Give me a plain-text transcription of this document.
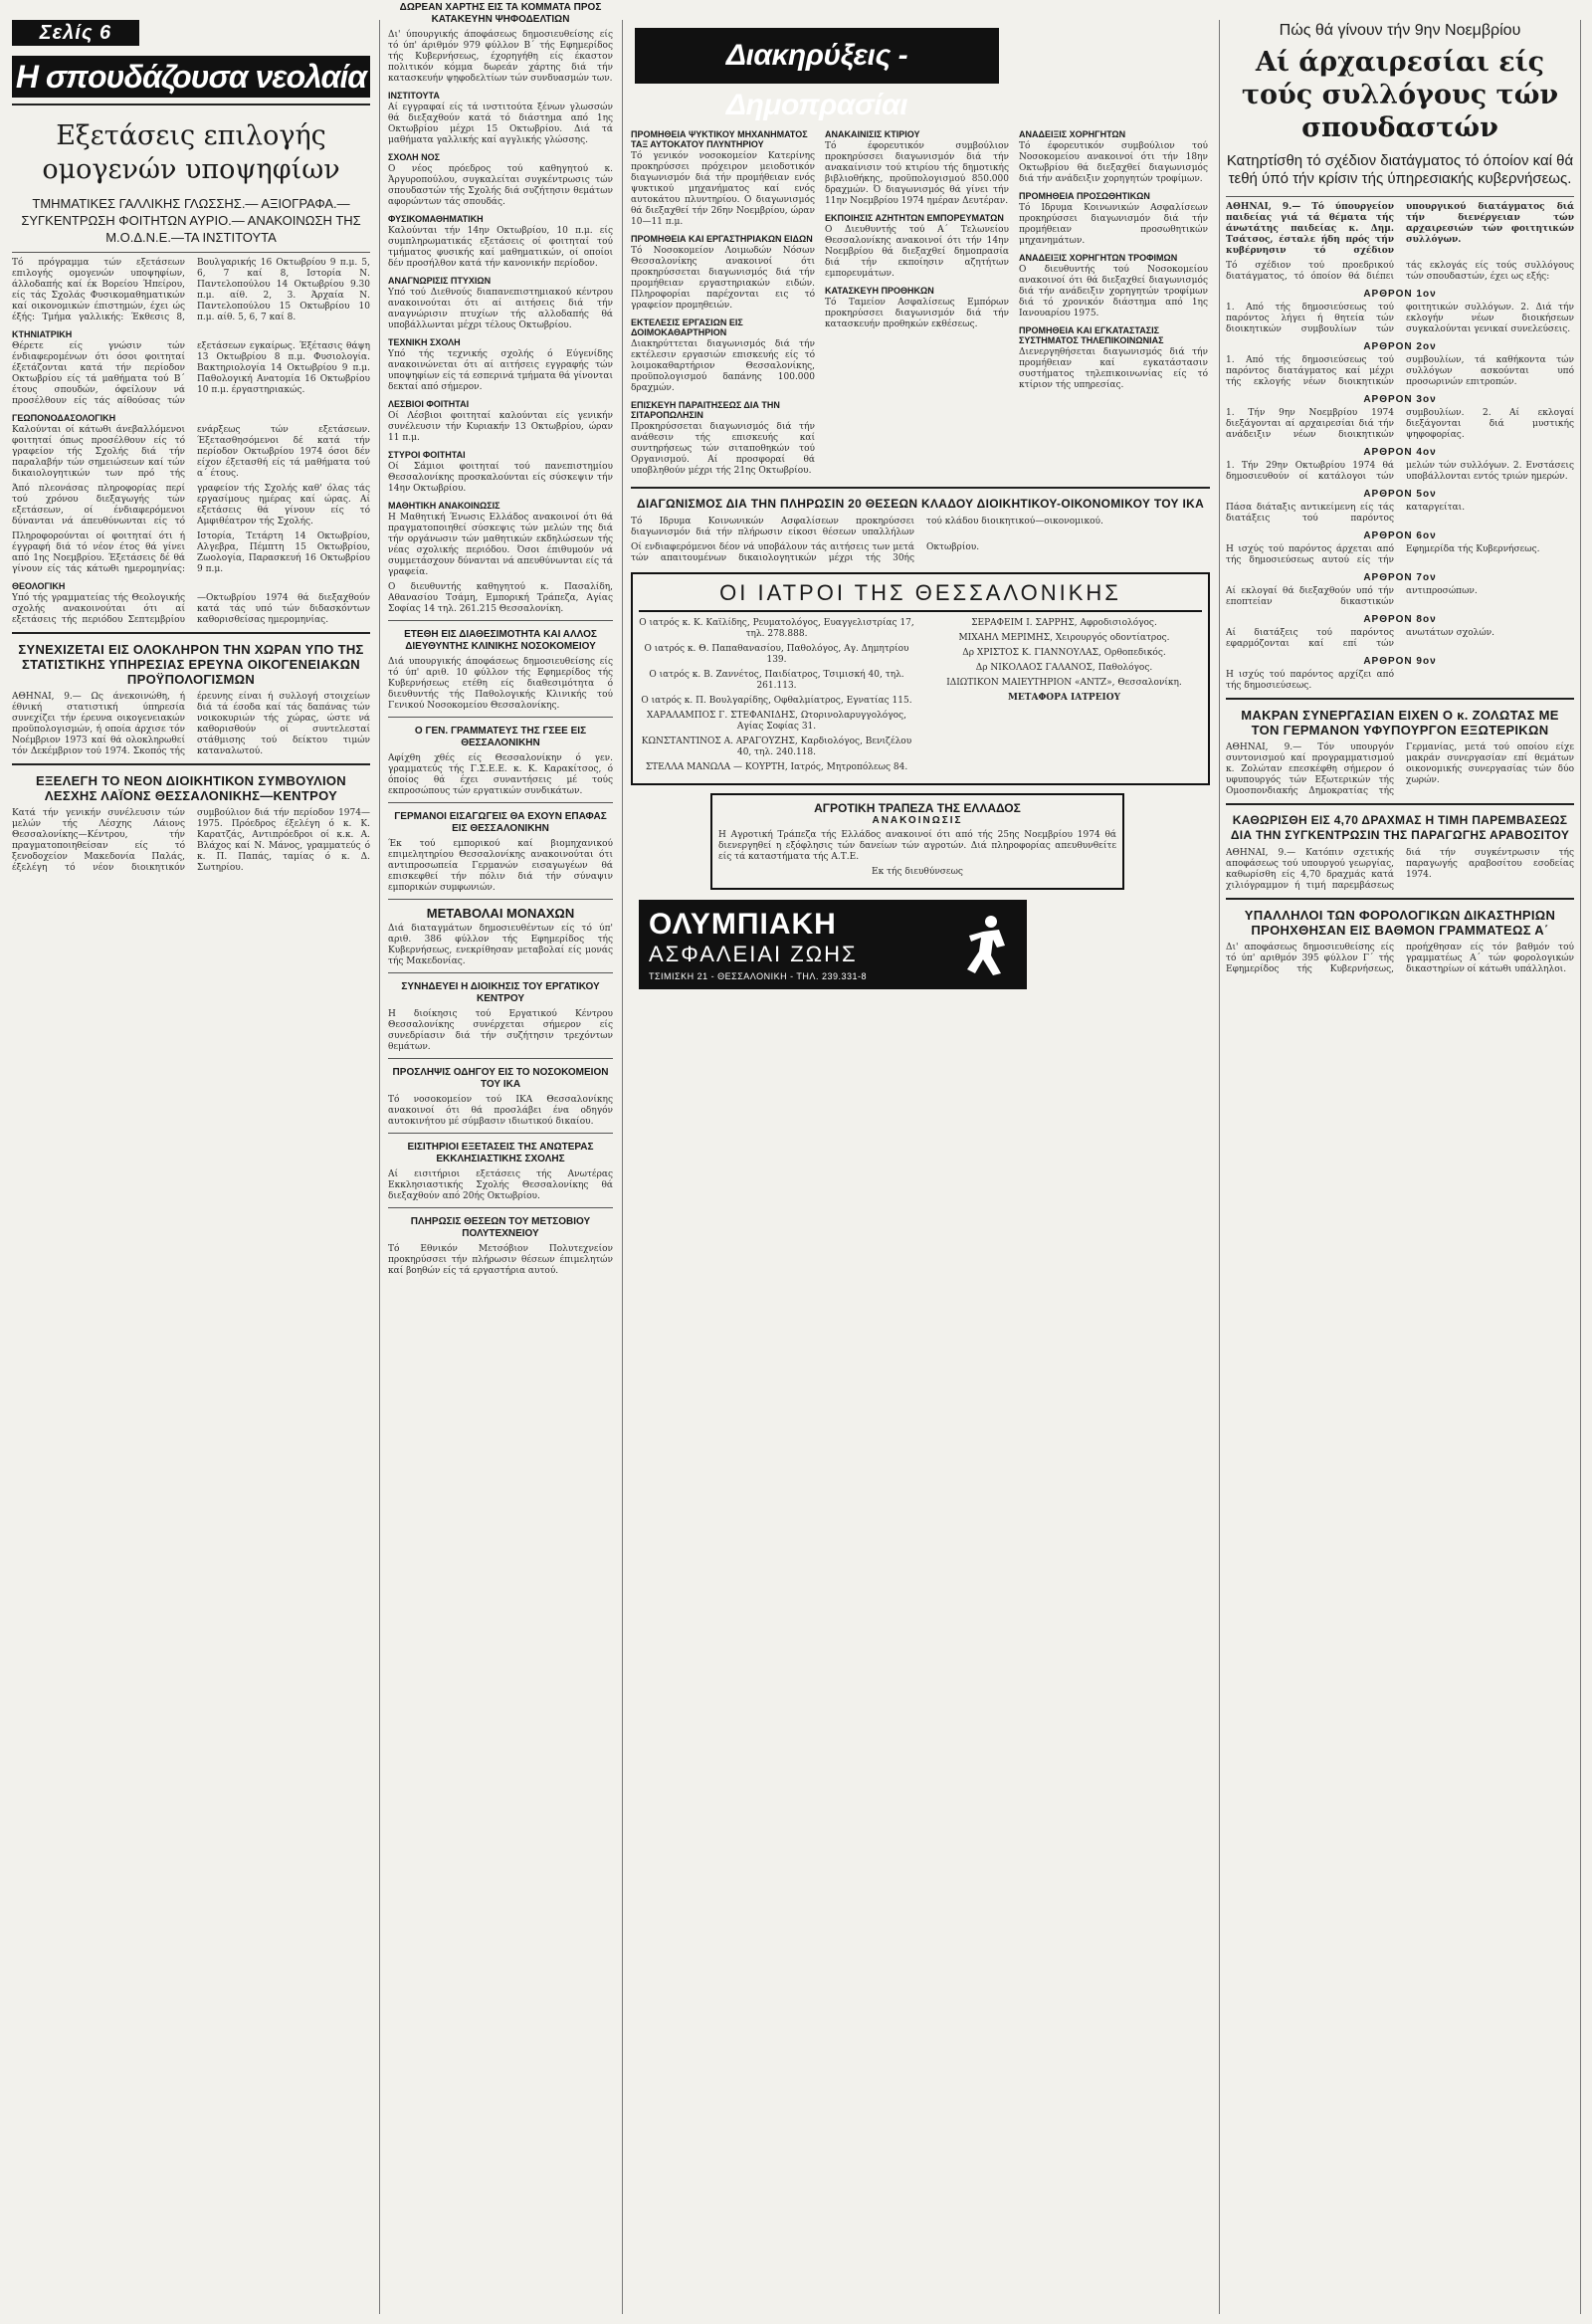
Σελίς 6
Η σπουδάζουσα νεολαία
Εξετάσεις επιλογής ομογενών υποψηφίων
ΤΜΗΜΑΤΙΚΕΣ ΓΑΛΛΙΚΗΣ ΓΛΩΣΣΗΣ.— ΑΞΙΟΓΡΑΦΑ.— ΣΥΓΚΕΝΤΡΩΣΗ ΦΟΙΤΗΤΩΝ ΑΥΡΙΟ.— ΑΝΑΚΟΙΝΩΣΗ ΤΗΣ Μ.Ο.Δ.Ν.Ε.—ΤΑ ΙΝΣΤΙΤΟΥΤΑ

Τό πρόγραμμα τών εξετάσεων επιλογής ομογενών υποψηφίων, άλλοδαπής καί έκ Βορείου Ήπείρου, είς τάς Σχολάς Φυσικομαθηματικών καί οικονομικών έπιστημών, έχει ώς έξής: Τμήμα γαλλικής: Έκθεσις 8, Βουλγαρικής 16 Οκτωβρίου 9 π.μ. 5, 6, 7 καί 8, Ιστορία Ν. Παντελοπούλου 14 Οκτωβρίου 9.30 π.μ. αίθ. 2, 3. Άρχαία Ν. Παντελοπούλου 15 Οκτωβρίου 10 π.μ. αίθ. 5, 6, 7 καί 8.

ΚΤΗΝΙΑΤΡΙΚΗ

Θέρετε είς γνώσιν τών ένδιαφερομένων ότι όσοι φοιτηταί έξετάζονται κατά τήν περίοδον Οκτωβρίου είς τά μαθήματα τού Β΄ έτους σπουδών, όφείλουν νά προσέλθουν είς τάς αίθούσας τών εξετάσεων εγκαίρως. Έξέτασις θάψη 13 Οκτωβρίου 8 π.μ. Φυσιολογία. Βακτηριολογία 14 Οκτωβρίου 9 π.μ. Παθολογική Ανατομία 16 Οκτωβρίου 10 π.μ. έργαστηριακώς.

ΓΕΩΠΟΝΟΔΑΣΟΛΟΓΙΚΗ

Καλούνται οί κάτωθι άνεβαλλόμενοι φοιτηταί όπως προσέλθουν είς τό γραφείον τής Σχολής διά τήν παραλαβήν τών σημειώσεων καί τών δικαιολογητικών των πρό τής ενάρξεως τών εξετάσεων. Έξετασθησόμενοι δέ κατά τήν περίοδον Οκτωβρίου 1974 όσοι δέν είχον έξετασθή είς τά μαθήματα τού α΄ έτους.

Άπό πλεονάσας πληροφορίας περί τού χρόνου διεξαγωγής τών εξετάσεων, οί ένδιαφερόμενοι δύνανται νά άπευθύνωνται είς τό γραφείον τής Σχολής καθ' όλας τάς εργασίμους ημέρας καί ώρας. Αί εξετάσεις θά γίνουν είς τό Αμφιθέατρον τής Σχολής.

Πληροφορούνται οί φοιτηταί ότι ή έγγραφή διά τό νέον έτος θά γίνει από 1ης Νοεμβρίου. Έξετάσεις δέ θά γίνουν είς τάς κάτωθι ημερομηνίας: Ιστορία, Τετάρτη 14 Οκτωβρίου, Αλγεβρα, Πέμπτη 15 Οκτωβρίου, Ζωολογία, Παρασκευή 16 Οκτωβρίου 9 π.μ.

ΘΕΟΛΟΓΙΚΗ

Υπό τής γραμματείας τής Θεολογικής σχολής ανακοινούται ότι αί εξετάσεις τής περιόδου Σεπτεμβρίου—Οκτωβρίου 1974 θά διεξαχθούν κατά τάς υπό τών διδασκόντων καθορισθείσας ημερομηνίας.

ΣΥΝΕΧΙΖΕΤΑΙ ΕΙΣ ΟΛΟΚΛΗΡΟΝ ΤΗΝ ΧΩΡΑΝ ΥΠΟ ΤΗΣ ΣΤΑΤΙΣΤΙΚΗΣ ΥΠΗΡΕΣΙΑΣ ΕΡΕΥΝΑ ΟΙΚΟΓΕΝΕΙΑΚΩΝ ΠΡΟΫΠΟΛΟΓΙΣΜΩΝ

ΑΘΗΝΑΙ, 9.— Ως άνεκοινώθη, ή έθνική στατιστική ύπηρεσία συνεχίζει τήν έρευνα οικογενειακών προϋπολογισμών, ή οποία άρχισε τόν Νοέμβριον 1973 καί θά ολοκληρωθεί τόν Δεκέμβριον τού 1974. Σκοπός τής έρευνης είναι ή συλλογή στοιχείων διά τά έσοδα καί τάς δαπάνας τών νοικοκυριών τής χώρας, ώστε νά καθορισθούν οί συντελεσταί στάθμισης τού δείκτου τιμών καταναλωτού.

ΕΞΕΛΕΓΗ ΤΟ ΝΕΟΝ ΔΙΟΙΚΗΤΙΚΟΝ ΣΥΜΒΟΥΛΙΟΝ ΛΕΣΧΗΣ ΛΑΪΟΝΣ ΘΕΣΣΑΛΟΝΙΚΗΣ—ΚΕΝΤΡΟΥ

Κατά τήν γενικήν συνέλευσιν τών μελών τής Λέσχης Λάιονς Θεσσαλονίκης—Κέντρου, τήν πραγματοποιηθείσαν είς τό ξενοδοχείον Μακεδονία Παλάς, έξελέγη τό νέον διοικητικόν συμβούλιον διά τήν περίοδον 1974—1975. Πρόεδρος έξελέγη ό κ. Κ. Καρατζάς, Αντιπρόεδροι οί κ.κ. Α. Βλάχος καί Ν. Μάνος, γραμματεύς ό κ. Π. Παπάς, ταμίας ό κ. Δ. Σωτηρίου.

ΔΩΡΕΑΝ ΧΑΡΤΗΣ ΕΙΣ ΤΑ ΚΟΜΜΑΤΑ ΠΡΟΣ ΚΑΤΑΚΕΥΗΝ ΨΗΦΟΔΕΛΤΙΩΝ

Δι' ύπουργικής άποφάσεως δημοσιευθείσης είς τό ύπ' άριθμόν 979 φύλλον Β΄ τής Εφημερίδος τής Κυβερνήσεως, έχορηγήθη είς έκαστον πολιτικόν κόμμα δωρεάν χάρτης διά τήν κατασκευήν ψηφοδελτίων τών συνδυασμών των.

ΙΝΣΤΙΤΟΥΤΑ

Αί εγγραφαί είς τά ινστιτούτα ξένων γλωσσών θά διεξαχθούν κατά τό διάστημα από 1ης Οκτωβρίου μέχρι 15 Οκτωβρίου. Διά τά μαθήματα γαλλικής καί αγγλικής γλώσσης.

ΣΧΟΛΗ ΝΟΣ

Ο νέος πρόεδρος τού καθηγητού κ. Άργυροπούλου, συγκαλείται συγκέντρωσις τών σπουδαστών τής Σχολής διά συζήτησιν θεμάτων αφορώντων τάς σπουδάς.

ΦΥΣΙΚΟΜΑΘΗΜΑΤΙΚΗ

Καλούνται τήν 14ην Οκτωβρίου, 10 π.μ. είς συμπληρωματικάς εξετάσεις οί φοιτηταί τού τμήματος φυσικής καί μαθηματικών, οί οποίοι δέν προσήλθον κατά τήν κανονικήν περίοδον.

ΑΝΑΓΝΩΡΙΣΙΣ ΠΤΥΧΙΩΝ

Υπό τού Διεθνούς διαπανεπιστημιακού κέντρου ανακοινούται ότι αί αιτήσεις διά τήν αναγνώρισιν πτυχίων τής αλλοδαπής θά υποβάλλωνται μέχρι τέλους Οκτωβρίου.

ΤΕΧΝΙΚΗ ΣΧΟΛΗ

Υπό τής τεχνικής σχολής ό Εύγενίδης ανακοινώνεται ότι αί αιτήσεις εγγραφής τών υποψηφίων είς τά εσπερινά τμήματα θά γίνονται δεκταί από σήμερον.

ΛΕΣΒΙΟΙ ΦΟΙΤΗΤΑΙ

Οί Λέσβιοι φοιτηταί καλούνται είς γενικήν συνέλευσιν τήν Κυριακήν 13 Οκτωβρίου, ώραν 11 π.μ.

ΣΤΥΡΟΙ ΦΟΙΤΗΤΑΙ

Οί Σάμιοι φοιτηταί τού πανεπιστημίου Θεσσαλονίκης προσκαλούνται είς σύσκεψιν τήν 14ην Οκτωβρίου.

ΜΑΘΗΤΙΚΗ ΑΝΑΚΟΙΝΩΣΙΣ

Η Μαθητική Ένωσις Ελλάδος ανακοινοί ότι θά πραγματοποιηθεί σύσκεψις τών μελών της διά τήν οργάνωσιν τών μαθητικών εκδηλώσεων τής νέας σχολικής περιόδου. Όσοι έπιθυμούν νά συμμετάσχουν δύνανται νά απευθύνωνται είς τά γραφεία.

Ο διευθυντής καθηγητού κ. Πασαλίδη, Αθανασίου Τσάμη, Εμπορική Τράπεζα, Αγίας Σοφίας 14 τηλ. 261.215 Θεσσαλονίκη.

ΕΤΕΘΗ ΕΙΣ ΔΙΑΘΕΣΙΜΟΤΗΤΑ ΚΑΙ ΑΛΛΟΣ ΔΙΕΥΘΥΝΤΗΣ ΚΛΙΝΙΚΗΣ ΝΟΣΟΚΟΜΕΙΟΥ

Διά υπουργικής άποφάσεως δημοσιευθείσης είς τό ύπ' αριθ. 10 φύλλον τής Εφημερίδος τής Κυβερνήσεως ετέθη είς διαθεσιμότητα ό διευθυντής τής Παθολογικής Κλινικής τού Γενικού Νοσοκομείου Θεσσαλονίκης.

Ο ΓΕΝ. ΓΡΑΜΜΑΤΕΥΣ ΤΗΣ ΓΣΕΕ ΕΙΣ ΘΕΣΣΑΛΟΝΙΚΗΝ

Αφίχθη χθές είς Θεσσαλονίκην ό γεν. γραμματεύς τής Γ.Σ.Ε.Ε. κ. Κ. Καρακίτσος, ό όποίος θά έχει συναντήσεις μέ τούς εκπροσώπους τών εργατικών συνδικάτων.

ΓΕΡΜΑΝΟΙ ΕΙΣΑΓΩΓΕΙΣ ΘΑ ΕΧΟΥΝ ΕΠΑΦΑΣ ΕΙΣ ΘΕΣΣΑΛΟΝΙΚΗΝ

Έκ τού εμπορικού καί βιομηχανικού επιμελητηρίου Θεσσαλονίκης ανακοινούται ότι αντιπροσωπεία Γερμανών εισαγωγέων θά επισκεφθεί τήν πόλιν διά τήν σύναψιν εμπορικών συμφωνιών.

ΜΕΤΑΒΟΛΑΙ ΜΟΝΑΧΩΝ

Διά διαταγμάτων δημοσιευθέντων είς τό ύπ' αριθ. 386 φύλλον τής Εφημερίδος τής Κυβερνήσεως, ενεκρίθησαν μεταβολαί είς μονάς τής Μακεδονίας.

ΣΥΝΗΔΕΥΕΙ Η ΔΙΟΙΚΗΣΙΣ ΤΟΥ ΕΡΓΑΤΙΚΟΥ ΚΕΝΤΡΟΥ

Η διοίκησις τού Εργατικού Κέντρου Θεσσαλονίκης συνέρχεται σήμερον είς συνεδρίασιν διά τήν συζήτησιν τρεχόντων θεμάτων.

ΠΡΟΣΛΗΨΙΣ ΟΔΗΓΟΥ ΕΙΣ ΤΟ ΝΟΣΟΚΟΜΕΙΟΝ ΤΟΥ ΙΚΑ

Τό νοσοκομείον τού ΙΚΑ Θεσσαλονίκης ανακοινοί ότι θά προσλάβει ένα οδηγόν αυτοκινήτου μέ σύμβασιν ιδιωτικού δικαίου.

ΕΙΣΙΤΗΡΙΟΙ ΕΞΕΤΑΣΕΙΣ ΤΗΣ ΑΝΩΤΕΡΑΣ ΕΚΚΛΗΣΙΑΣΤΙΚΗΣ ΣΧΟΛΗΣ

Αί εισιτήριοι εξετάσεις τής Ανωτέρας Εκκλησιαστικής Σχολής Θεσσαλονίκης θά διεξαχθούν από 20ής Οκτωβρίου.

ΠΛΗΡΩΣΙΣ ΘΕΣΕΩΝ ΤΟΥ ΜΕΤΣΟΒΙΟΥ ΠΟΛΥΤΕΧΝΕΙΟΥ

Τό Εθνικόν Μετσόβιον Πολυτεχνείον προκηρύσσει τήν πλήρωσιν θέσεων έπιμελητών καί βοηθών είς τά εργαστήρια αυτού.

Διακηρύξεις - Δημοπρασίαι
ΠΡΟΜΗΘΕΙΑ ΨΥΚΤΙΚΟΥ ΜΗΧΑΝΗΜΑΤΟΣ ΤΑΞ ΑΥΤΟΚΑΤΟΥ ΠΛΥΝΤΗΡΙΟΥ

Τό γενικόν νοσοκομείον Κατερίνης προκηρύσσει πρόχειρον μειοδοτικόν διαγωνισμόν διά τήν προμήθειαν ενός ψυκτικού μηχανήματος καί ενός αυτοκάτου πλυντηρίου. Ο διαγωνισμός θά διεξαχθεί τήν 26ην Νοεμβρίου, ώραν 10—11 π.μ.

ΠΡΟΜΗΘΕΙΑ ΚΑΙ ΕΡΓΑΣΤΗΡΙΑΚΩΝ ΕΙΔΩΝ

Τό Νοσοκομείον Λοιμωδών Νόσων Θεσσαλονίκης ανακοινοί ότι προκηρύσσεται διαγωνισμός διά τήν προμήθειαν εργαστηριακών ειδών. Πληροφορίαι παρέχονται εις τό γραφείον προμηθειών.

ΕΚΤΕΛΕΣΙΣ ΕΡΓΑΣΙΩΝ ΕΙΣ ΔΟΙΜΟΚΑΘΑΡΤΗΡΙΟΝ

Διακηρύττεται διαγωνισμός διά τήν εκτέλεσιν εργασιών επισκευής είς τό λοιμοκαθαρτήριον Θεσσαλονίκης, προϋπολογισμού δαπάνης 100.000 δραχμών.

ΕΠΙΣΚΕΥΗ ΠΑΡΑΙΤΗΣΕΩΣ ΔΙΑ ΤΗΝ ΣΙΤΑΡΟΠΩΛΗΣΙΝ

Προκηρύσσεται διαγωνισμός διά τήν ανάθεσιν τής επισκευής καί συντηρήσεως τών σιταποθηκών τού Οργανισμού. Αί προσφοραί θά υποβληθούν μέχρι τής 21ης Οκτωβρίου.

ΑΝΑΚΑΙΝΙΣΙΣ ΚΤΙΡΙΟΥ

Τό έφορευτικόν συμβούλιον προκηρύσσει διαγωνισμόν διά τήν ανακαίνισιν τού κτιρίου τής δημοτικής βιβλιοθήκης, προϋπολογισμού 850.000 δραχμών. Ό διαγωνισμός θά γίνει τήν 11ην Νοεμβρίου 1974 ημέραν Δευτέραν.

ΕΚΠΟΙΗΣΙΣ ΑΖΗΤΗΤΩΝ ΕΜΠΟΡΕΥΜΑΤΩΝ

Ο Διευθυντής τού Α΄ Τελωνείου Θεσσαλονίκης ανακοινοί ότι τήν 14ην Νοεμβρίου θά διεξαχθεί δημοπρασία διά τήν εκποίησιν αζητήτων εμπορευμάτων.

ΚΑΤΑΣΚΕΥΗ ΠΡΟΘΗΚΩΝ

Τό Ταμείον Ασφαλίσεως Εμπόρων προκηρύσσει διαγωνισμόν διά τήν κατασκευήν προθηκών εκθέσεως.

ΑΝΑΔΕΙΞΙΣ ΧΟΡΗΓΗΤΩΝ

Τό έφορευτικόν συμβούλιον τού Νοσοκομείου ανακοινοί ότι τήν 18ην Οκτωβρίου θά διεξαχθεί διαγωνισμός διά τήν ανάδειξιν χορηγητών τροφίμων.

ΠΡΟΜΗΘΕΙΑ ΠΡΟΣΩΘΗΤΙΚΩΝ

Τό Ιδρυμα Κοινωνικών Ασφαλίσεων προκηρύσσει διαγωνισμόν διά τήν προμήθειαν προσωθητικών μηχανημάτων.

ΑΝΑΔΕΙΞΙΣ ΧΟΡΗΓΗΤΩΝ ΤΡΟΦΙΜΩΝ

Ο διευθυντής τού Νοσοκομείου ανακοινοί ότι θά διεξαχθεί διαγωνισμός διά τήν ανάδειξιν χορηγητών τροφίμων διά τό χρονικόν διάστημα από 1ης Ιανουαρίου 1975.

ΠΡΟΜΗΘΕΙΑ ΚΑΙ ΕΓΚΑΤΑΣΤΑΣΙΣ ΣΥΣΤΗΜΑΤΟΣ ΤΗΛΕΠΙΚΟΙΝΩΝΙΑΣ

Διενεργηθήσεται διαγωνισμός διά τήν προμήθειαν καί εγκατάστασιν συστήματος τηλεπικοινωνίας είς τό κτίριον τής υπηρεσίας.

ΔΙΑΓΩΝΙΣΜΟΣ ΔΙΑ ΤΗΝ ΠΛΗΡΩΣΙΝ 20 ΘΕΣΕΩΝ ΚΛΑΔΟΥ ΔΙΟΙΚΗΤΙΚΟΥ-ΟΙΚΟΝΟΜΙΚΟΥ ΤΟΥ ΙΚΑ

Τό Ιδρυμα Κοινωνικών Ασφαλίσεων προκηρύσσει διαγωνισμόν διά τήν πλήρωσιν είκοσι θέσεων υπαλλήλων τού κλάδου διοικητικού—οικονομικού.

Οί ενδιαφερόμενοι δέον νά υποβάλουν τάς αιτήσεις των μετά τών απαιτουμένων δικαιολογητικών μέχρι τής 30ής Οκτωβρίου.

ΟΙ ΙΑΤΡΟΙ ΤΗΣ ΘΕΣΣΑΛΟΝΙΚΗΣ

Ο ιατρός κ. Κ. Καϊλίδης, Ρευματολόγος, Ευαγγελιστρίας 17, τηλ. 278.888.

Ο ιατρός κ. Θ. Παπαθανασίου, Παθολόγος, Αγ. Δημητρίου 139.

Ο ιατρός κ. Β. Ζαννέτος, Παιδίατρος, Τσιμισκή 40, τηλ. 261.113.

Ο ιατρός κ. Π. Βουλγαρίδης, Οφθαλμίατρος, Εγνατίας 115.

ΧΑΡΑΛΑΜΠΟΣ Γ. ΣΤΕΦΑΝΙΔΗΣ, Ωτορινολαρυγγολόγος, Αγίας Σοφίας 31.

ΚΩΝΣΤΑΝΤΙΝΟΣ Α. ΑΡΑΓΟΥΖΗΣ, Καρδιολόγος, Βενιζέλου 40, τηλ. 240.118.

ΣΤΕΛΛΑ ΜΑΝΩΛΑ — ΚΟΥΡΤΗ, Ιατρός, Μητροπόλεως 84.

ΣΕΡΑΦΕΙΜ Ι. ΣΑΡΡΗΣ, Αφροδισιολόγος.

ΜΙΧΑΗΛ ΜΕΡΙΜΗΣ, Χειρουργός οδοντίατρος.

Δρ ΧΡΙΣΤΟΣ Κ. ΓΙΑΝΝΟΥΛΑΣ, Ορθοπεδικός.

Δρ ΝΙΚΟΛΑΟΣ ΓΑΛΑΝΟΣ, Παθολόγος.

ΙΔΙΩΤΙΚΟΝ ΜΑΙΕΥΤΗΡΙΟΝ «ΑΝΤΖ», Θεσσαλονίκη.

ΜΕΤΑΦΟΡΑ ΙΑΤΡΕΙΟΥ

ΑΓΡΟΤΙΚΗ ΤΡΑΠΕΖΑ ΤΗΣ ΕΛΛΑΔΟΣ
ΑΝΑΚΟΙΝΩΣΙΣ

Η Αγροτική Τράπεζα τής Ελλάδος ανακοινοί ότι από τής 25ης Νοεμβρίου 1974 θά διενεργηθεί η εξόφλησις τών δανείων τών αγροτών. Διά πληροφορίας απευθυνθείτε είς τά καταστήματα τής Α.Τ.Ε.

Εκ τής διευθύνσεως

ΟΛΥΜΠΙΑΚΗ
ΑΣΦΑΛΕΙΑΙ ΖΩΗΣ
ΤΣΙΜΙΣΚΗ 21 - ΘΕΣΣΑΛΟΝΙΚΗ - ΤΗΛ. 239.331-8
Πώς θά γίνουν τήν 9ην Νοεμβρίου
Αί άρχαιρεσίαι είς τούς συλλόγους τών σπουδαστών
Κατηρτίσθη τό σχέδιον διατάγματος τό όποίον καί θά τεθή ύπό τήν κρίσιν τής ύπηρεσιακής κυβερνήσεως.

ΑΘΗΝΑΙ, 9.— Τό ύπουργείον παιδείας γιά τά θέματα τής άνωτάτης παιδείας κ. Δημ. Τσάτσος, έσταλε ήδη πρός τήν κυβέρνησιν τό σχέδιον υπουργικού διατάγματος διά τήν διενέργειαν τών αρχαιρεσιών τών φοιτητικών συλλόγων.

Τό σχέδιον τού προεδρικού διατάγματος, τό όποίον θά διέπει τάς εκλογάς είς τούς συλλόγους τών σπουδαστών, έχει ως εξής:

ΑΡΘΡΟΝ 1ον

1. Από τής δημοσιεύσεως τού παρόντος λήγει ή θητεία τών διοικητικών συμβουλίων τών φοιτητικών συλλόγων. 2. Διά τήν εκλογήν νέων διοικήσεων συγκαλούνται γενικαί συνελεύσεις.

ΑΡΘΡΟΝ 2ον

1. Από τής δημοσιεύσεως τού παρόντος διατάγματος καί μέχρι τής εκλογής νέων διοικητικών συμβουλίων, τά καθήκοντα τών συλλόγων ασκούνται υπό προσωρινών επιτροπών.

ΑΡΘΡΟΝ 3ον

1. Τήν 9ην Νοεμβρίου 1974 διεξάγονται αί αρχαιρεσίαι διά τήν ανάδειξιν νέων διοικητικών συμβουλίων. 2. Αί εκλογαί διεξάγονται διά μυστικής ψηφοφορίας.

ΑΡΘΡΟΝ 4ον

1. Τήν 29ην Οκτωβρίου 1974 θά δημοσιευθούν οί κατάλογοι τών μελών τών συλλόγων. 2. Ενστάσεις υποβάλλονται εντός τριών ημερών.

ΑΡΘΡΟΝ 5ον

Πάσα διάταξις αντικείμενη είς τάς διατάξεις τού παρόντος καταργείται.

ΑΡΘΡΟΝ 6ον

Η ισχύς τού παρόντος άρχεται από τής δημοσιεύσεως αυτού είς τήν Εφημερίδα τής Κυβερνήσεως.

ΑΡΘΡΟΝ 7ον

Αί εκλογαί θά διεξαχθούν υπό τήν εποπτείαν δικαστικών αντιπροσώπων.

ΑΡΘΡΟΝ 8ον

Αί διατάξεις τού παρόντος εφαρμόζονται καί επί τών ανωτάτων σχολών.

ΑΡΘΡΟΝ 9ον

Η ισχύς τού παρόντος αρχίζει από τής δημοσιεύσεως.

ΜΑΚΡΑΝ ΣΥΝΕΡΓΑΣΙΑΝ ΕΙΧΕΝ Ο κ. ΖΟΛΩΤΑΣ ΜΕ ΤΟΝ ΓΕΡΜΑΝΟΝ ΥΦΥΠΟΥΡΓΟΝ ΕΞΩΤΕΡΙΚΩΝ

ΑΘΗΝΑΙ, 9.— Τόν υπουργόν συντονισμού καί προγραμματισμού κ. Ζολώταν επεσκέφθη σήμερον ό υφυπουργός τών Εξωτερικών τής Ομοσπονδιακής Δημοκρατίας τής Γερμανίας, μετά τού οποίου είχε μακράν συνεργασίαν επί θεμάτων οικονομικής συνεργασίας τών δύο χωρών.

ΚΑΘΩΡΙΣΘΗ ΕΙΣ 4,70 ΔΡΑΧΜΑΣ Η ΤΙΜΗ ΠΑΡΕΜΒΑΣΕΩΣ ΔΙΑ ΤΗΝ ΣΥΓΚΕΝΤΡΩΣΙΝ ΤΗΣ ΠΑΡΑΓΩΓΗΣ ΑΡΑΒΟΣΙΤΟΥ

ΑΘΗΝΑΙ, 9.— Κατόπιν σχετικής αποφάσεως τού υπουργού γεωργίας, καθωρίσθη είς 4,70 δραχμάς κατά χιλιόγραμμον ή τιμή παρεμβάσεως διά τήν συγκέντρωσιν τής παραγωγής αραβοσίτου εσοδείας 1974.

ΥΠΑΛΛΗΛΟΙ ΤΩΝ ΦΟΡΟΛΟΓΙΚΩΝ ΔΙΚΑΣΤΗΡΙΩΝ ΠΡΟΗΧΘΗΣΑΝ ΕΙΣ ΒΑΘΜΟΝ ΓΡΑΜΜΑΤΕΩΣ Α΄

Δι' αποφάσεως δημοσιευθείσης είς τό ύπ' αριθμόν 395 φύλλον Γ΄ τής Εφημερίδος τής Κυβερνήσεως, προήχθησαν είς τόν βαθμόν τού γραμματέως Α΄ τών φορολογικών δικαστηρίων οί κάτωθι υπάλληλοι.
